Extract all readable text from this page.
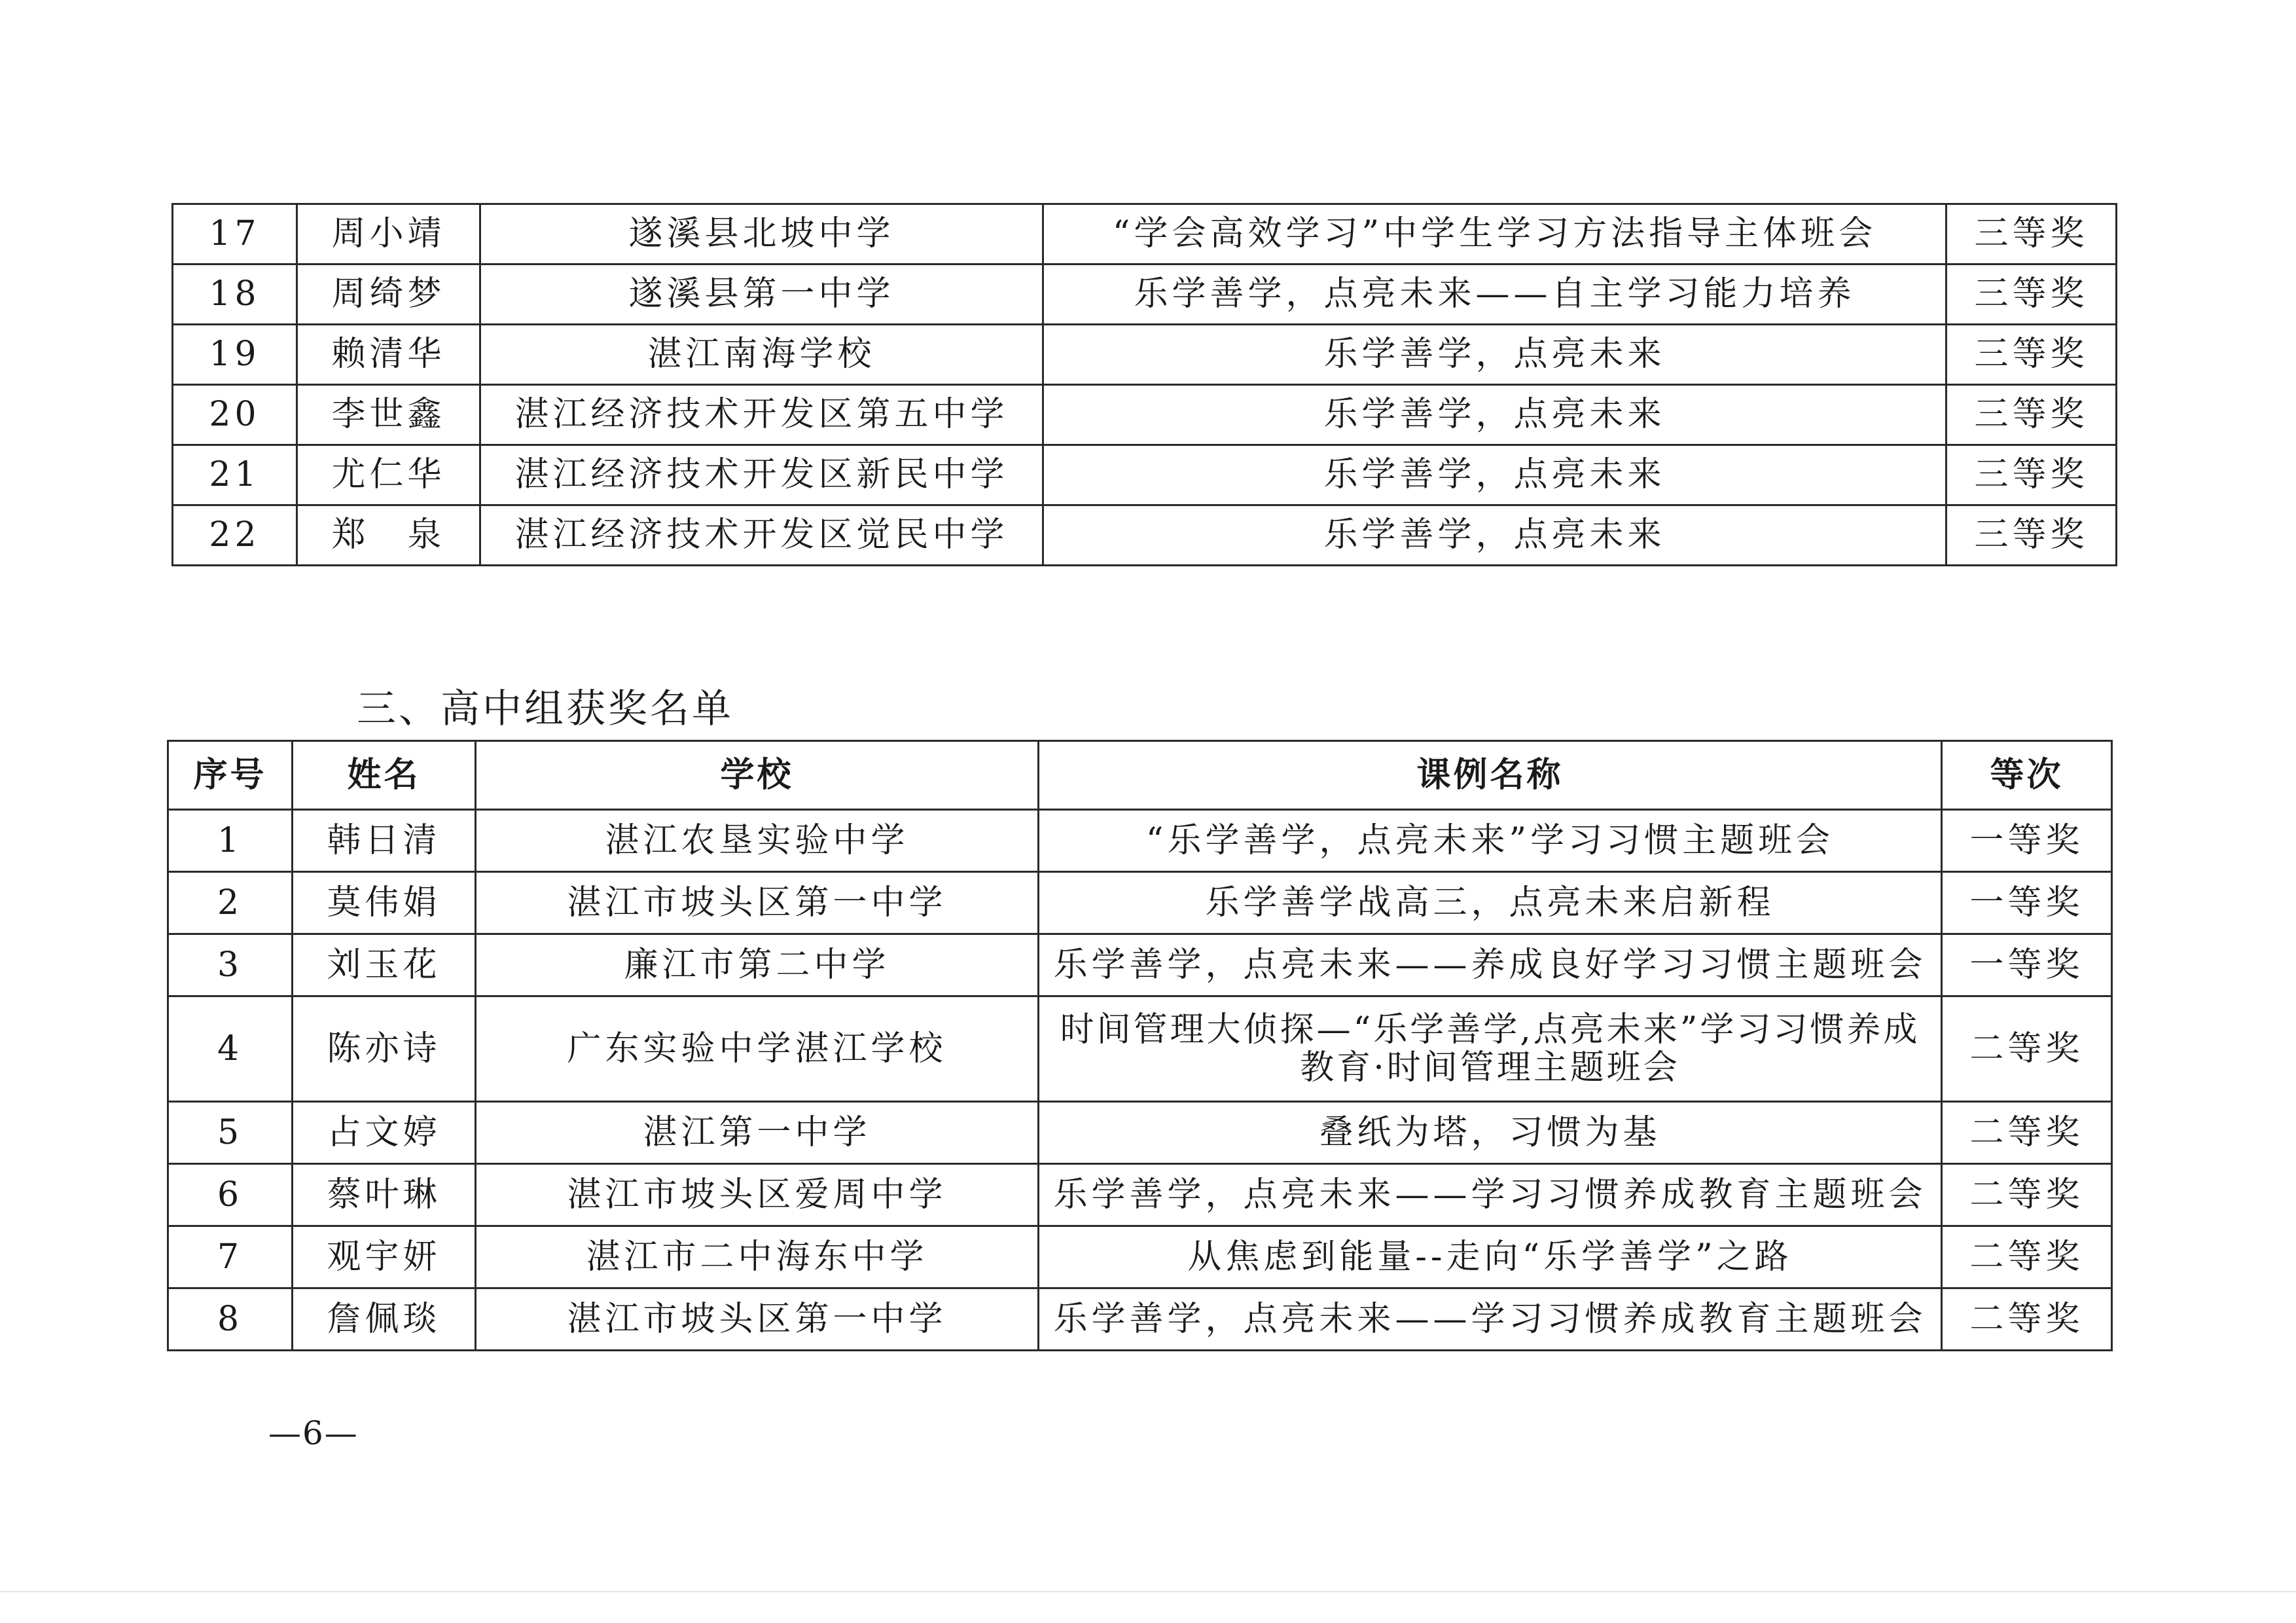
17	周小靖	遂溪县北坡中学	“学会高效学习”中学生学习方法指导主体班会	三等奖
18	周绮梦	遂溪县第一中学	乐学善学，点亮未来——自主学习能力培养	三等奖
19	赖清华	湛江南海学校	乐学善学，点亮未来	三等奖
20	李世鑫	湛江经济技术开发区第五中学	乐学善学，点亮未来	三等奖
21	尤仁华	湛江经济技术开发区新民中学	乐学善学，点亮未来	三等奖
22	郑　泉	湛江经济技术开发区觉民中学	乐学善学，点亮未来	三等奖
三、高中组获奖名单
序号	姓名	学校	课例名称	等次
1	韩日清	湛江农垦实验中学	“乐学善学，点亮未来”学习习惯主题班会	一等奖
2	莫伟娟	湛江市坡头区第一中学	乐学善学战高三，点亮未来启新程	一等奖
3	刘玉花	廉江市第二中学	乐学善学，点亮未来——养成良好学习习惯主题班会	一等奖
4	陈亦诗	广东实验中学湛江学校	时间管理大侦探—“乐学善学,点亮未来”学习习惯养成教育·时间管理主题班会	二等奖
5	占文婷	湛江第一中学	叠纸为塔，习惯为基	二等奖
6	蔡叶琳	湛江市坡头区爱周中学	乐学善学，点亮未来——学习习惯养成教育主题班会	二等奖
7	观宇妍	湛江市二中海东中学	从焦虑到能量--走向“乐学善学”之路	二等奖
8	詹佩琰	湛江市坡头区第一中学	乐学善学，点亮未来——学习习惯养成教育主题班会	二等奖
—6—
